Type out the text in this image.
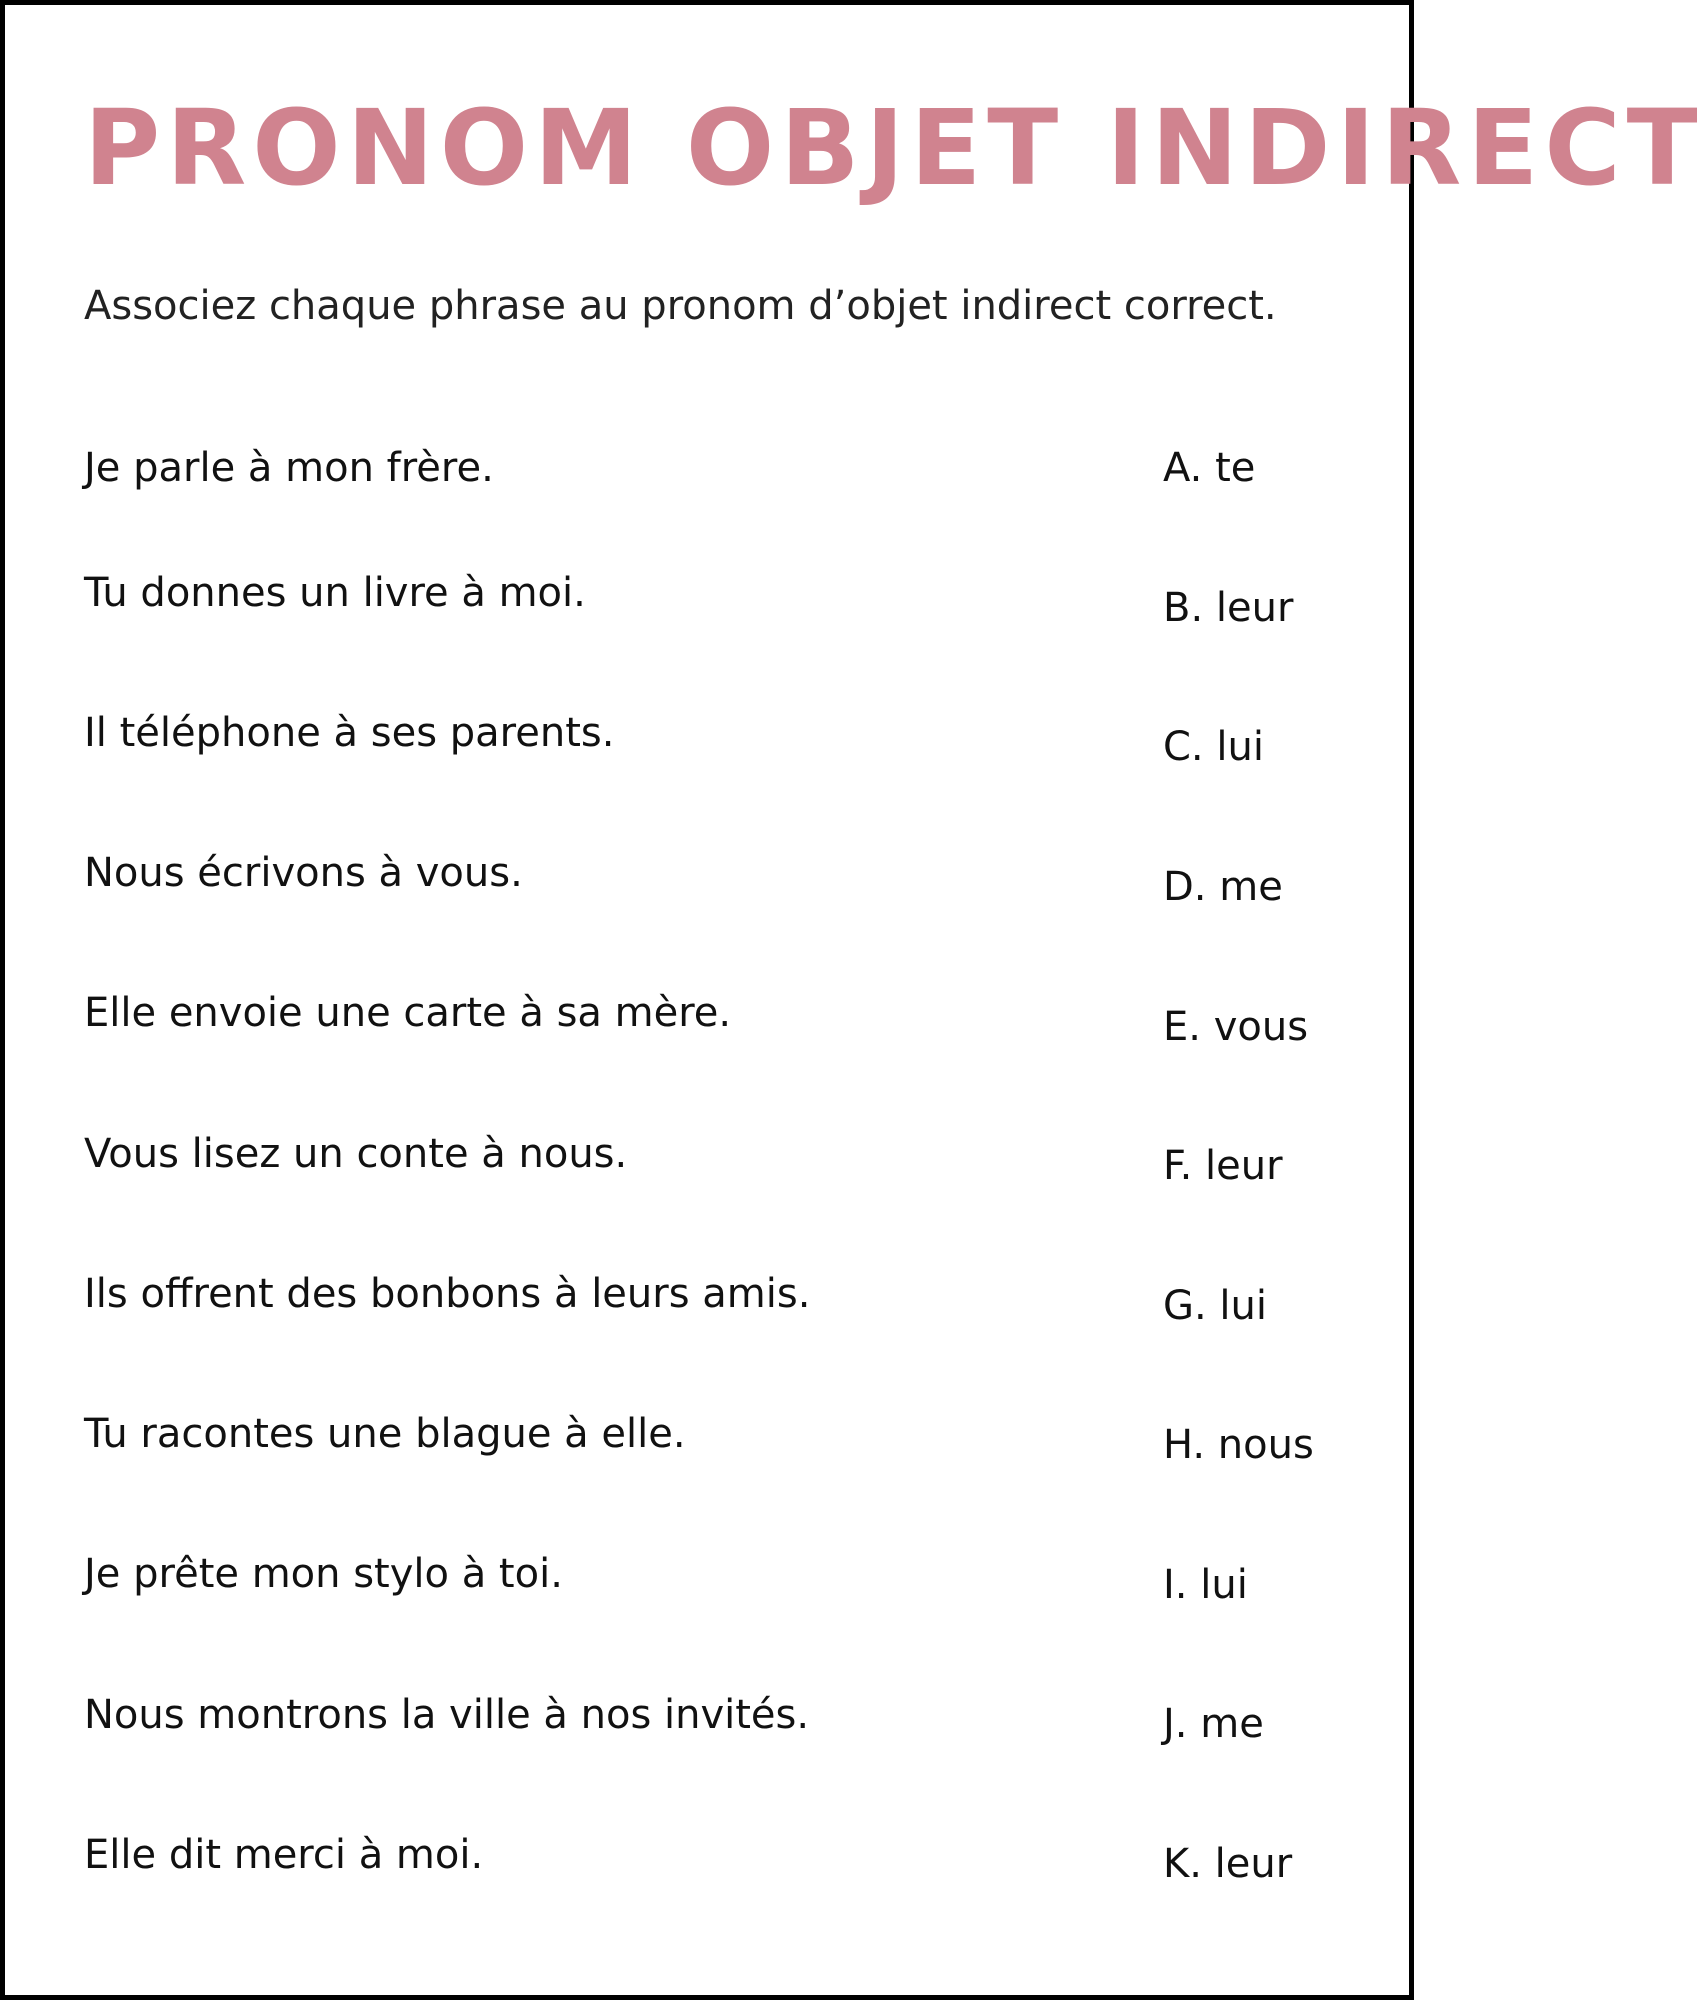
PRONOM OBJET INDIRECT

Associez chaque phrase au pronom d’objet indirect correct.

Je parle à mon frère.

Tu donnes un livre à moi.

Il téléphone à ses parents.

Nous écrivons à vous.

Elle envoie une carte à sa mère.

Vous lisez un conte à nous.

Ils offrent des bonbons à leurs amis.

Tu racontes une blague à elle.

Je prête mon stylo à toi.

Nous montrons la ville à nos invités.

Elle dit merci à moi.

A. te

B. leur

C. lui

D. me

E. vous

F. leur

G. lui

H. nous

I. lui

J. me

K. leur
